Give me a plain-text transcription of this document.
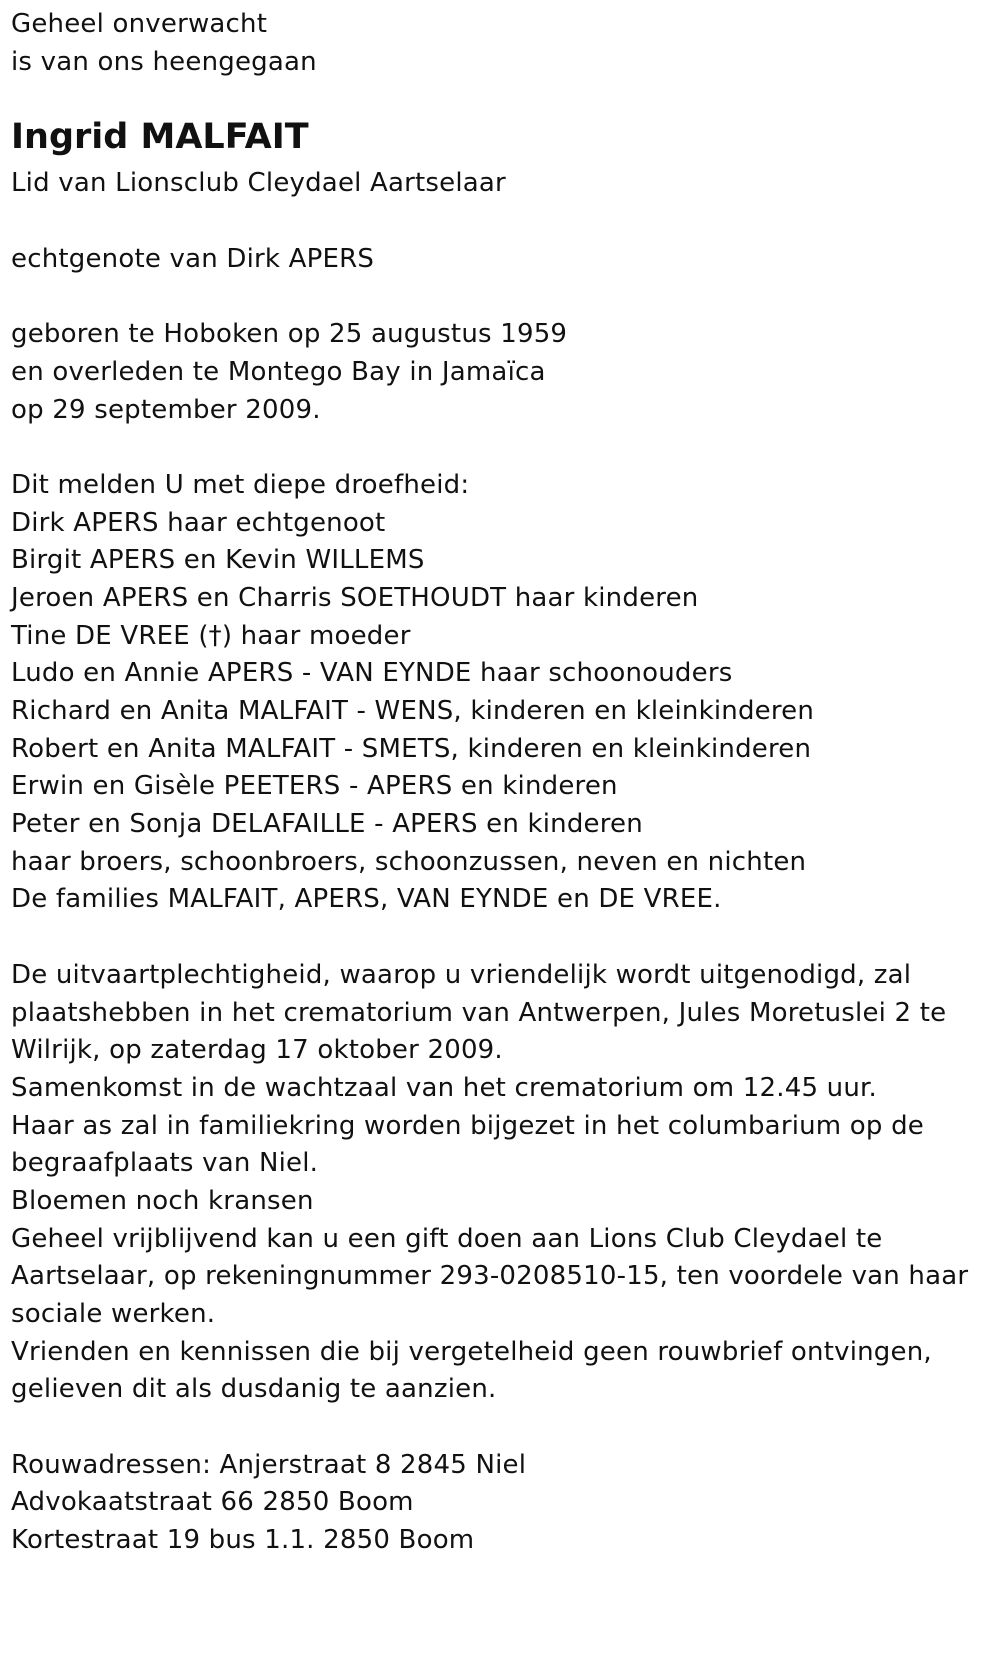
Geheel onverwacht
is van ons heengegaan
Ingrid MALFAIT
Lid van Lionsclub Cleydael Aartselaar
echtgenote van Dirk APERS
geboren te Hoboken op 25 augustus 1959
en overleden te Montego Bay in Jamaïca
op 29 september 2009.
Dit melden U met diepe droefheid:
Dirk APERS haar echtgenoot
Birgit APERS en Kevin WILLEMS
Jeroen APERS en Charris SOETHOUDT haar kinderen
Tine DE VREE (†) haar moeder
Ludo en Annie APERS - VAN EYNDE haar schoonouders
Richard en Anita MALFAIT - WENS, kinderen en kleinkinderen
Robert en Anita MALFAIT - SMETS, kinderen en kleinkinderen
Erwin en Gisèle PEETERS - APERS en kinderen
Peter en Sonja DELAFAILLE - APERS en kinderen
haar broers, schoonbroers, schoonzussen, neven en nichten
De families MALFAIT, APERS, VAN EYNDE en DE VREE.
De uitvaartplechtigheid, waarop u vriendelijk wordt uitgenodigd, zal
plaatshebben in het crematorium van Antwerpen, Jules Moretuslei 2 te
Wilrijk, op zaterdag 17 oktober 2009.
Samenkomst in de wachtzaal van het crematorium om 12.45 uur.
Haar as zal in familiekring worden bijgezet in het columbarium op de
begraafplaats van Niel.
Bloemen noch kransen
Geheel vrijblijvend kan u een gift doen aan Lions Club Cleydael te
Aartselaar, op rekeningnummer 293-0208510-15, ten voordele van haar
sociale werken.
Vrienden en kennissen die bij vergetelheid geen rouwbrief ontvingen,
gelieven dit als dusdanig te aanzien.
Rouwadressen: Anjerstraat 8 2845 Niel
Advokaatstraat 66 2850 Boom
Kortestraat 19 bus 1.1. 2850 Boom
